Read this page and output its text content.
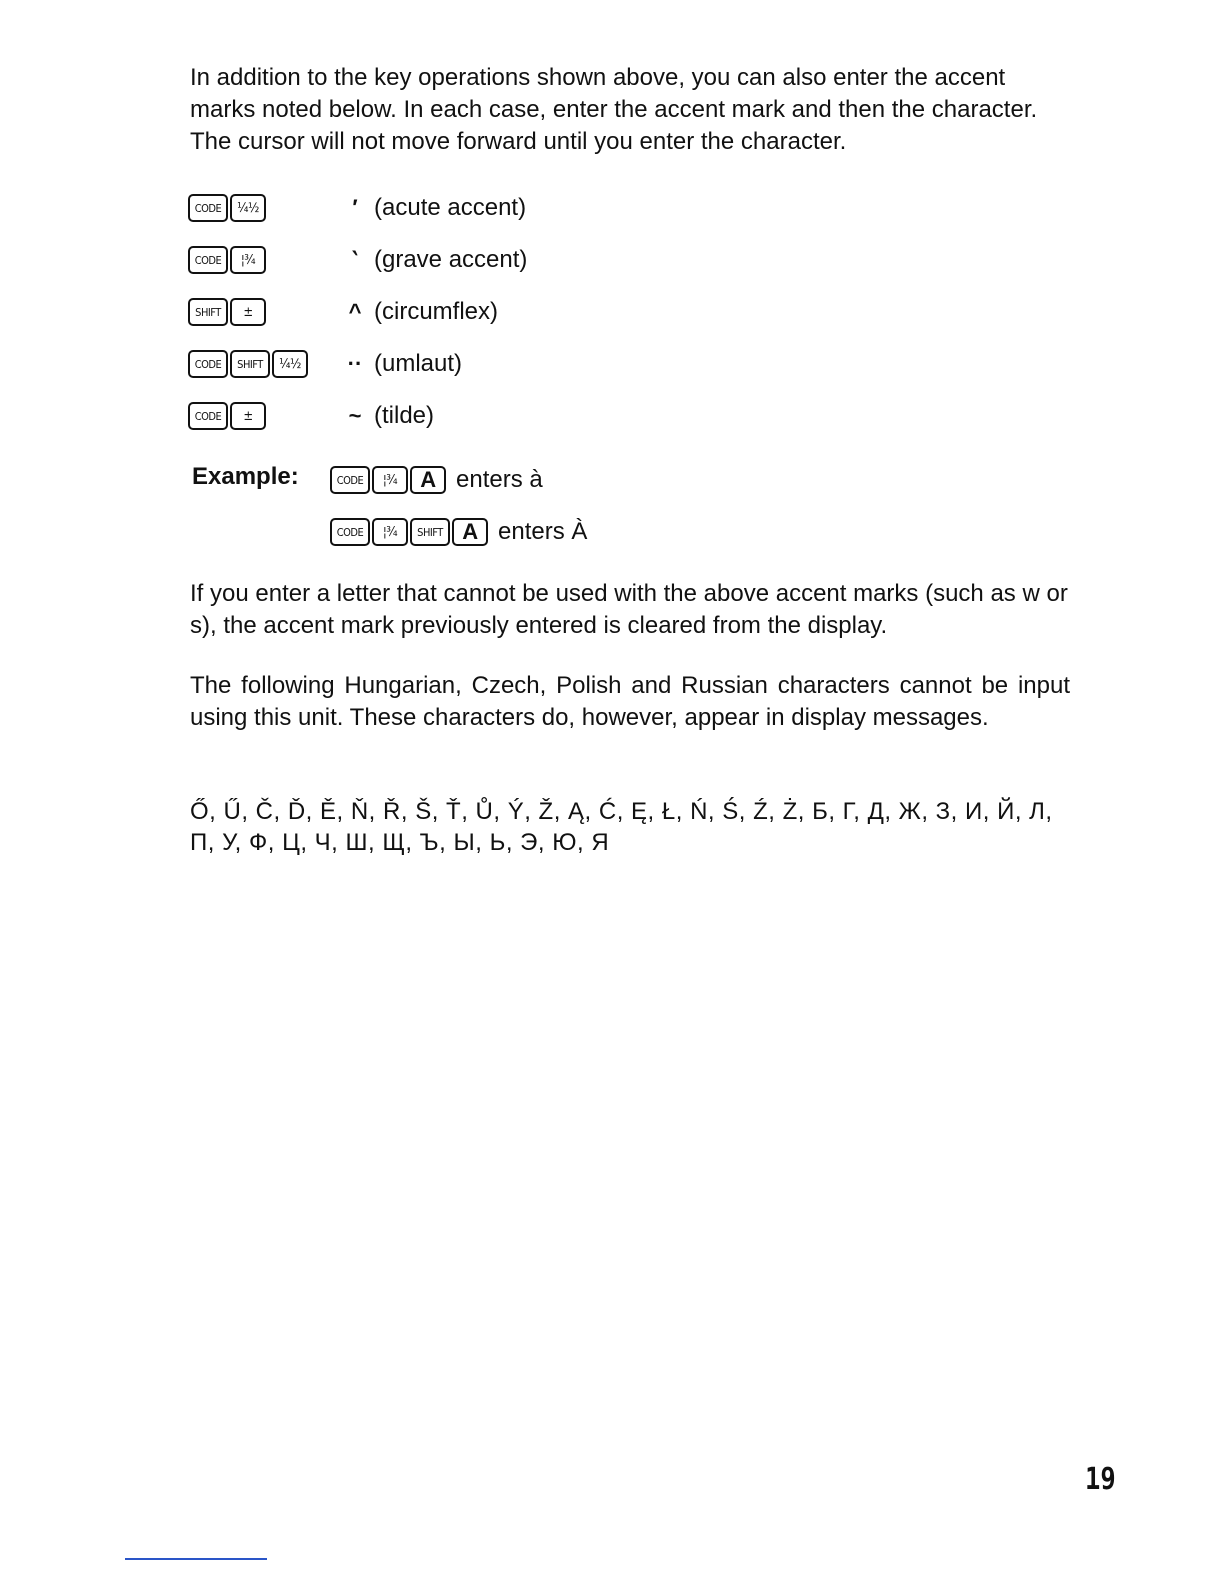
In addition to the key operations shown above, you can also enter the accent marks noted below. In each case, enter the accent mark and then the character. The cursor will not move forward until you enter the character.

CODE	¼½	′ (acute accent)
CODE	¦¾	‵ (grave accent)
SHIFT	±	^ (circumflex)
CODE	SHIFT	¼½	·· (umlaut)
CODE	±	~ (tilde)
Example:	CODE	¦¾	A enters à
CODE	¦¾	SHIFT A enters À

If you enter a letter that cannot be used with the above accent marks (such as w or s), the accent mark previously entered is cleared from the display.

The following Hungarian, Czech, Polish and Russian characters cannot be input using this unit. These characters do, however, appear in display messages.

Ő, Ű, Č, Ď, Ě, Ň, Ř, Š, Ť, Ů, Ý, Ž, Ą, Ć, Ę, Ł, Ń, Ś, Ź, Ż, Б, Г, Д, Ж, З, И, Й, Л, П, У, Ф, Ц, Ч, Ш, Щ, Ъ, Ы, Ь, Э, Ю, Я

19
